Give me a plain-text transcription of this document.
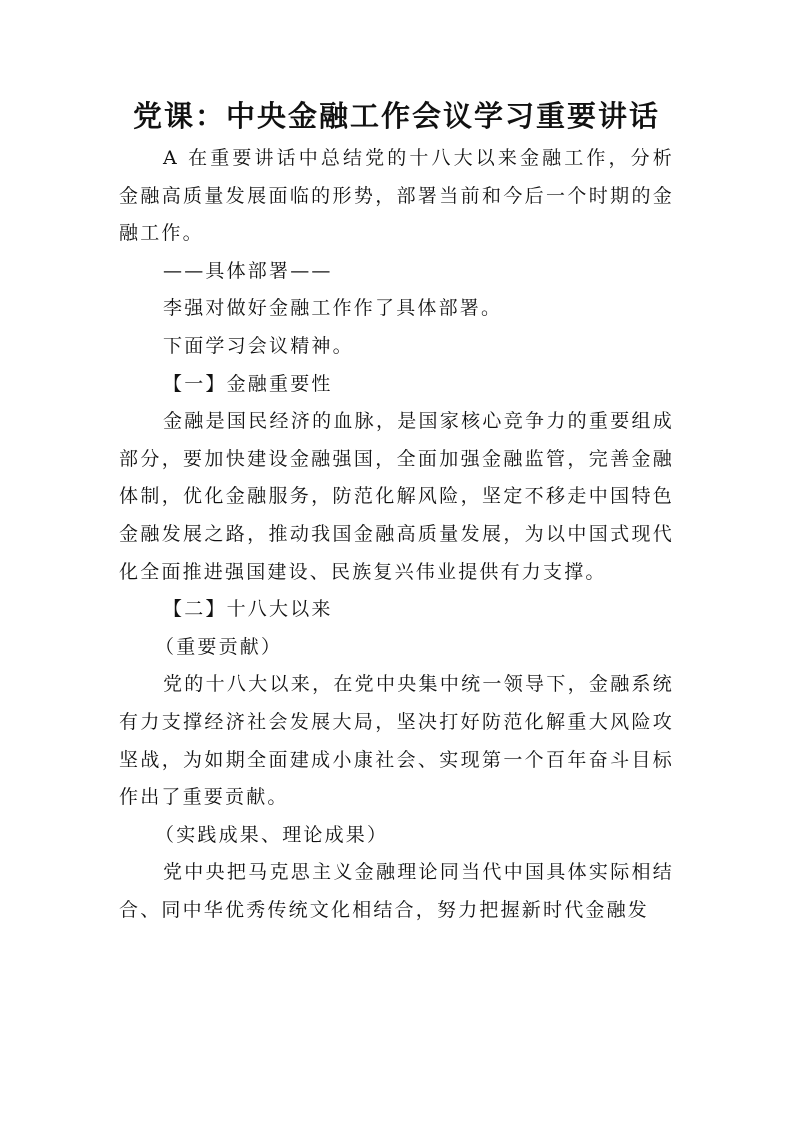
党课：中央金融工作会议学习重要讲话

A 在重要讲话中总结党的十八大以来金融工作，分析金融高质量发展面临的形势，部署当前和今后一个时期的金融工作。

——具体部署——

李强对做好金融工作作了具体部署。

下面学习会议精神。

【一】金融重要性

金融是国民经济的血脉，是国家核心竞争力的重要组成部分，要加快建设金融强国，全面加强金融监管，完善金融体制，优化金融服务，防范化解风险，坚定不移走中国特色金融发展之路，推动我国金融高质量发展，为以中国式现代化全面推进强国建设、民族复兴伟业提供有力支撑。

【二】十八大以来

（重要贡献）

党的十八大以来，在党中央集中统一领导下，金融系统有力支撑经济社会发展大局，坚决打好防范化解重大风险攻坚战，为如期全面建成小康社会、实现第一个百年奋斗目标作出了重要贡献。

（实践成果、理论成果）

党中央把马克思主义金融理论同当代中国具体实际相结合、同中华优秀传统文化相结合，努力把握新时代金融发
